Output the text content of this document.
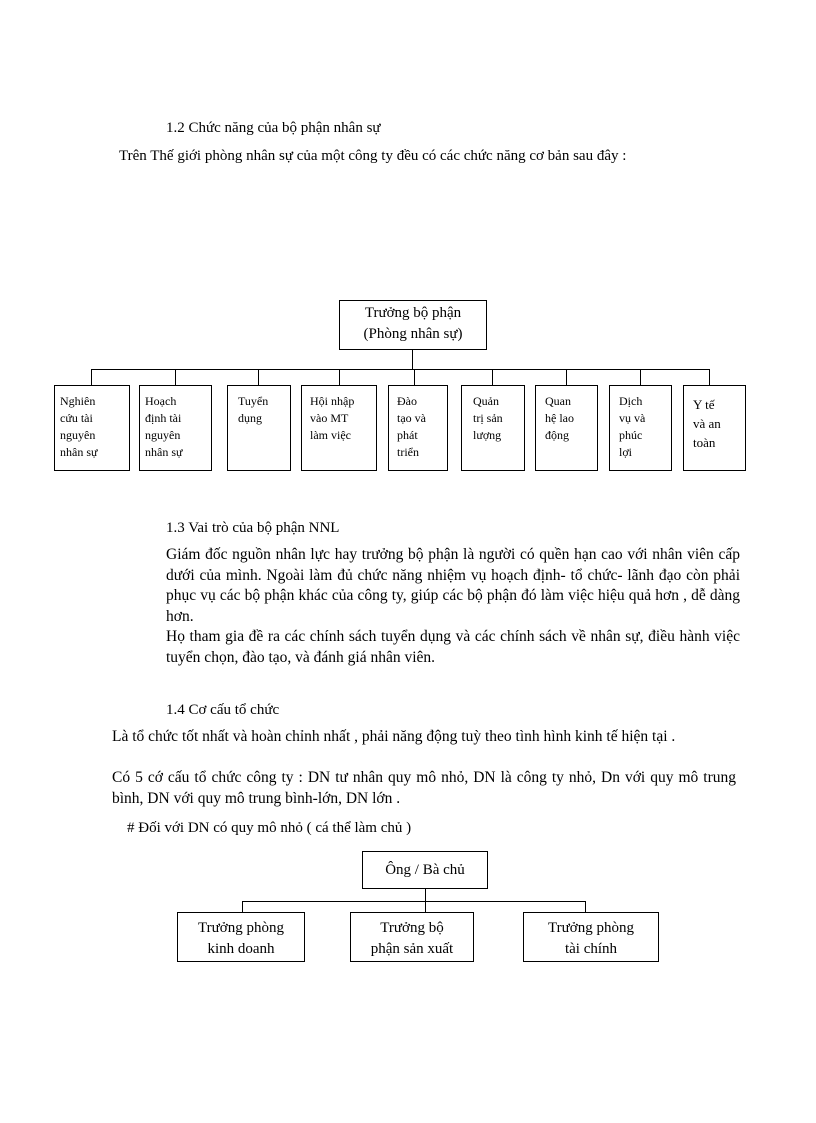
1.2 Chức năng của bộ phận nhân sự
Trên Thế giới phòng nhân sự của một công ty đều có các chức năng cơ bản sau đây :
Trưởng bộ phận
(Phòng nhân sự)
Nghiên
cứu tài
nguyên
nhân sự
Hoạch
định tài
nguyên
nhân sự
Tuyển
dụng
Hội nhập
vào MT
làm việc
Đào
tạo và
phát
triển
Quản
trị sản
lượng
Quan
hệ lao
động
Dịch
vụ và
phúc
lợi
Y tế
và an
toàn
1.3 Vai trò của bộ phận NNL
Giám đốc nguồn nhân lực hay trưởng bộ phận là người có quền hạn cao với nhân viên cấp dưới của mình. Ngoài làm đủ chức năng nhiệm vụ hoạch định- tổ chức- lãnh đạo còn phải phục vụ các bộ phận khác của công ty, giúp các bộ phận đó làm việc hiệu quả hơn , dễ dàng hơn.
Họ tham gia đề ra các chính sách tuyển dụng và các chính sách về nhân sự, điều hành việc tuyển chọn, đào tạo, và đánh giá nhân viên.
1.4 Cơ cấu tổ chức
Là tổ chức tốt nhất và hoàn chỉnh nhất , phải năng động tuỳ theo tình hình kinh tế hiện tại .
Có 5 cớ cấu tổ chức công ty : DN tư nhân quy mô nhỏ, DN là công ty nhỏ, Dn với quy mô trung bình, DN với quy mô trung bình-lớn, DN lớn .
# Đối với DN có quy mô nhỏ ( cá thể làm chủ )
Ông / Bà chủ
Trưởng phòng
kinh doanh
Trưởng bộ
phận sản xuất
Trưởng phòng
tài chính
